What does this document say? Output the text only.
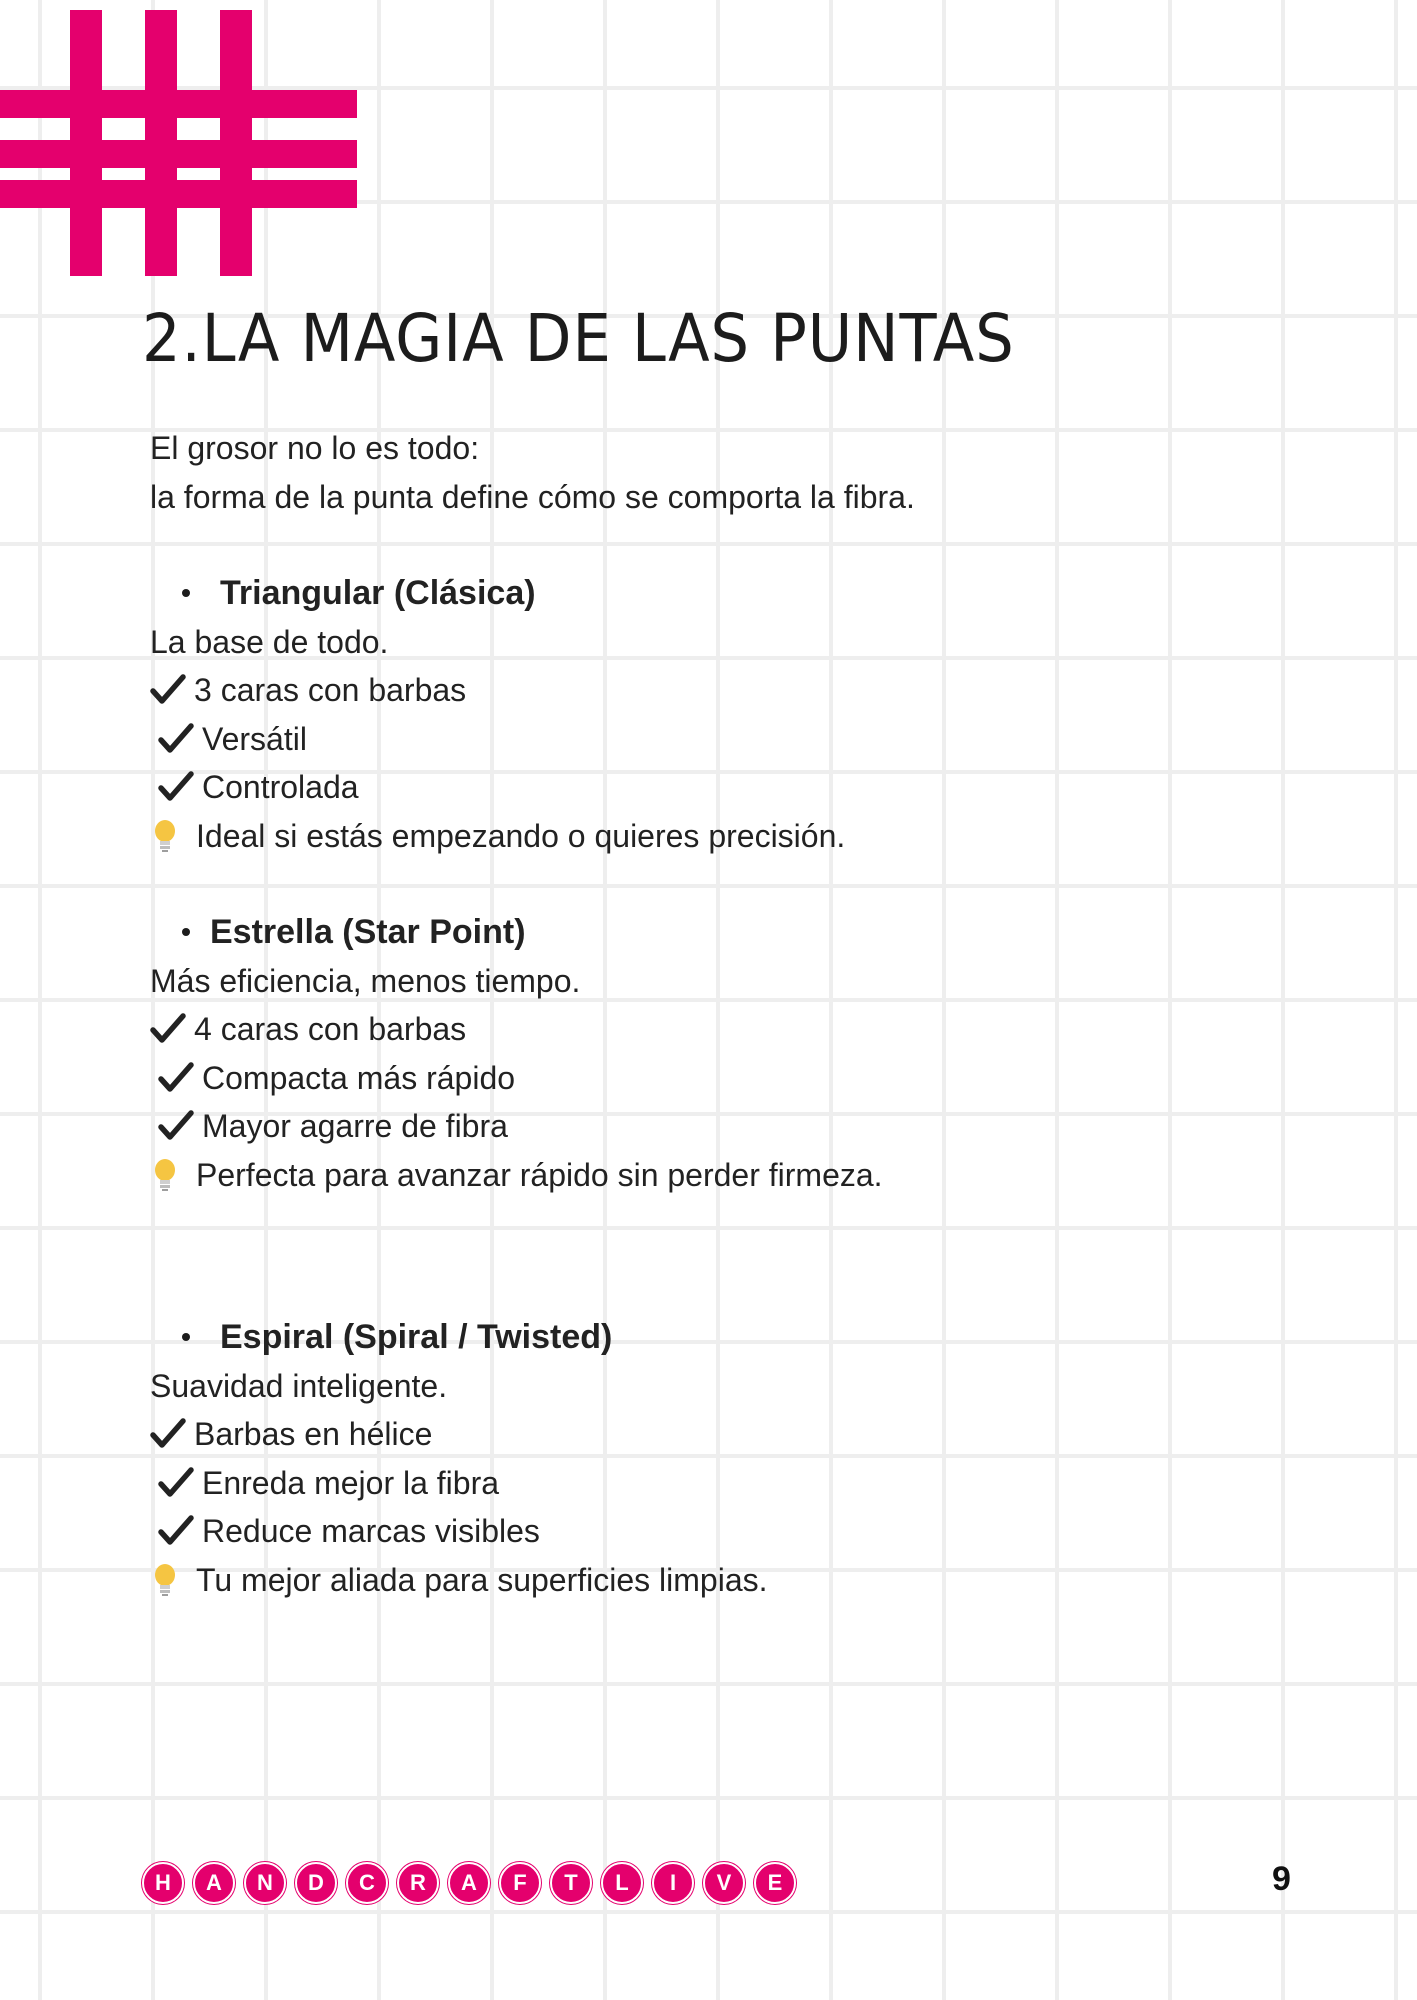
2.LA MAGIA DE LAS PUNTAS

El grosor no lo es todo:

la forma de la punta define cómo se comporta la fibra.

Triangular (Clásica)

La base de todo.

3 caras con barbas
Versátil
Controlada
Ideal si estás empezando o quieres precisión.
Estrella (Star Point)

Más eficiencia, menos tiempo.

4 caras con barbas
Compacta más rápido
Mayor agarre de fibra
Perfecta para avanzar rápido sin perder firmeza.
Espiral (Spiral / Twisted)

Suavidad inteligente.

Barbas en hélice
Enreda mejor la fibra
Reduce marcas visibles
Tu mejor aliada para superficies limpias.
H	A	N	D	C	R	A	F	T	L	I	V	E	9
